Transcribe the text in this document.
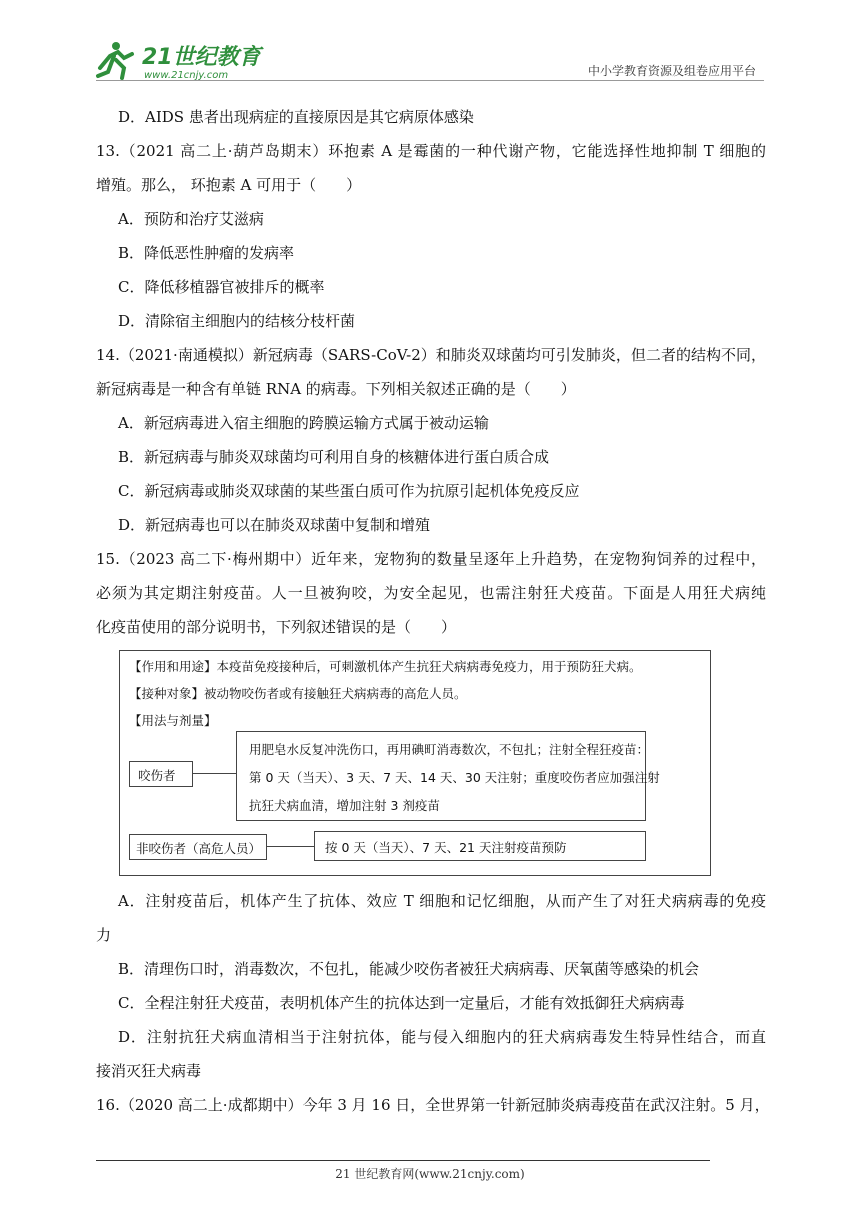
21世纪教育
www.21cnjy.com	中小学教育资源及组卷应用平台
D．AIDS 患者出现病症的直接原因是其它病原体感染
13.（2021 高二上·葫芦岛期末）环抱素 A 是霉菌的一种代谢产物，它能选择性地抑制 T 细胞的
增殖。那么， 环抱素 A 可用于（　　）
A．预防和治疗艾滋病
B．降低恶性肿瘤的发病率
C．降低移植器官被排斥的概率
D．清除宿主细胞内的结核分枝杆菌
14.（2021·南通模拟）新冠病毒（SARS-CoV-2）和肺炎双球菌均可引发肺炎，但二者的结构不同，
新冠病毒是一种含有单链 RNA 的病毒。下列相关叙述正确的是（　　）
A．新冠病毒进入宿主细胞的跨膜运输方式属于被动运输
B．新冠病毒与肺炎双球菌均可利用自身的核糖体进行蛋白质合成
C．新冠病毒或肺炎双球菌的某些蛋白质可作为抗原引起机体免疫反应
D．新冠病毒也可以在肺炎双球菌中复制和增殖
15.（2023 高二下·梅州期中）近年来，宠物狗的数量呈逐年上升趋势，在宠物狗饲养的过程中，
必须为其定期注射疫苗。人一旦被狗咬，为安全起见，也需注射狂犬疫苗。下面是人用狂犬病纯
化疫苗使用的部分说明书，下列叙述错误的是（　　）
【作用和用途】本疫苗免疫接种后，可刺激机体产生抗狂犬病病毒免疫力，用于预防狂犬病。
【接种对象】被动物咬伤者或有接触狂犬病病毒的高危人员。
【用法与剂量】
咬伤者
用肥皂水反复冲洗伤口，再用碘町消毒数次，不包扎；注射全程狂疫苗：
第 0 天（当天）、3 天、7 天、14 天、30 天注射；重度咬伤者应加强注射
抗狂犬病血清，增加注射 3 剂疫苗
非咬伤者（高危人员）	按 0 天（当天）、7 天、21 天注射疫苗预防
A．注射疫苗后，机体产生了抗体、效应 T 细胞和记忆细胞，从而产生了对狂犬病病毒的免疫
力
B．清理伤口时，消毒数次，不包扎，能减少咬伤者被狂犬病病毒、厌氧菌等感染的机会
C．全程注射狂犬疫苗，表明机体产生的抗体达到一定量后，才能有效抵御狂犬病病毒
D．注射抗狂犬病血清相当于注射抗体，能与侵入细胞内的狂犬病病毒发生特异性结合，而直
接消灭狂犬病毒
16.（2020 高二上·成都期中）今年 3 月 16 日，全世界第一针新冠肺炎病毒疫苗在武汉注射。5 月，
21 世纪教育网(www.21cnjy.com)
